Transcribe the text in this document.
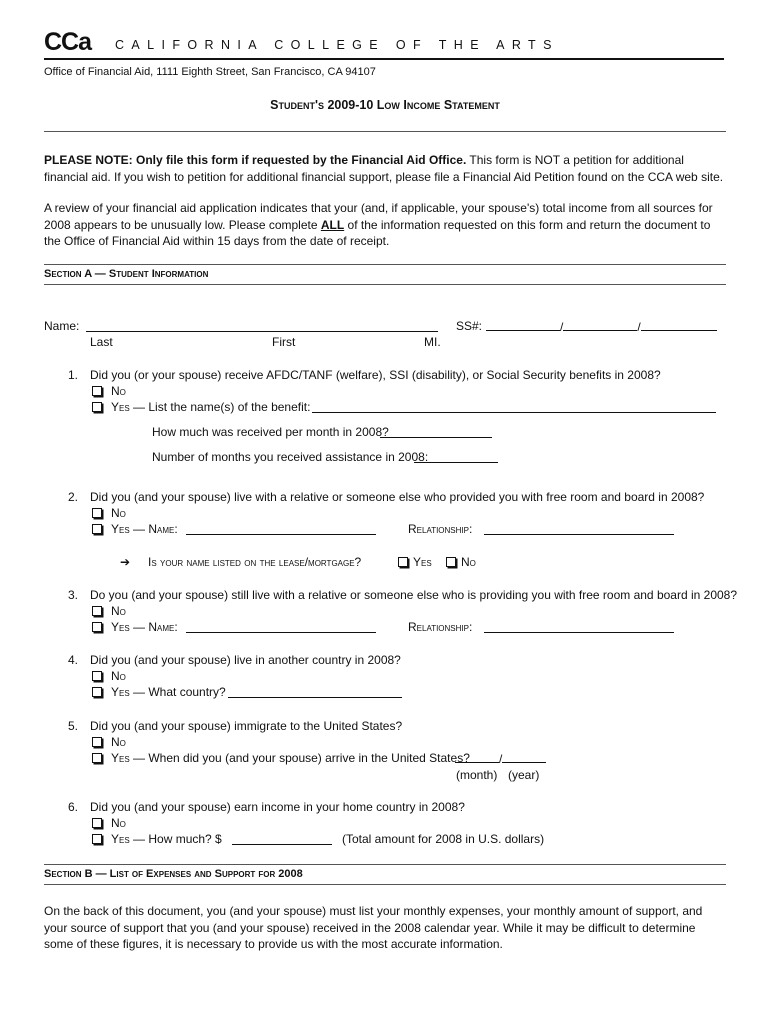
CCa CALIFORNIA COLLEGE OF THE ARTS
Office of Financial Aid, 1111 Eighth Street, San Francisco, CA 94107
Student's 2009-10 Low Income Statement
PLEASE NOTE: Only file this form if requested by the Financial Aid Office. This form is NOT a petition for additional financial aid. If you wish to petition for additional financial support, please file a Financial Aid Petition found on the CCA web site.
A review of your financial aid application indicates that your (and, if applicable, your spouse's) total income from all sources for 2008 appears to be unusually low. Please complete ALL of the information requested on this form and return the document to the Office of Financial Aid within 15 days from the date of receipt.
Section A — Student Information
Name:	SS#:	/	/
Last	First	MI.
1. Did you (or your spouse) receive AFDC/TANF (welfare), SSI (disability), or Social Security benefits in 2008?
No
Yes — List the name(s) of the benefit:
How much was received per month in 2008?
Number of months you received assistance in 2008:
2. Did you (and your spouse) live with a relative or someone else who provided you with free room and board in 2008?
No
Yes — Name:	Relationship:
➔ Is your name listed on the lease/mortgage?	Yes	No
3. Do you (and your spouse) still live with a relative or someone else who is providing you with free room and board in 2008?
No
Yes — Name:	Relationship:
4. Did you (and your spouse) live in another country in 2008?
No
Yes — What country?
5. Did you (and your spouse) immigrate to the United States?
No
Yes — When did you (and your spouse) arrive in the United States?	/
(month) (year)
6. Did you (and your spouse) earn income in your home country in 2008?
No
Yes — How much? $	(Total amount for 2008 in U.S. dollars)
Section B — List of Expenses and Support for 2008
On the back of this document, you (and your spouse) must list your monthly expenses, your monthly amount of support, and your source of support that you (and your spouse) received in the 2008 calendar year. While it may be difficult to determine some of these figures, it is necessary to provide us with the most accurate information.
